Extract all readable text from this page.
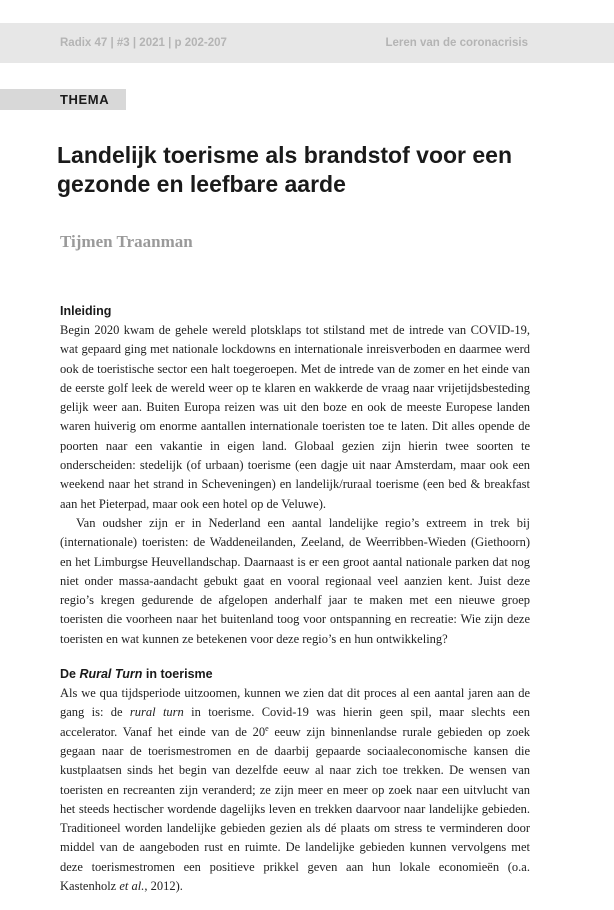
Radix 47 | #3 | 2021 | p 202-207	Leren van de coronacrisis
THEMA
Landelijk toerisme als brandstof voor een gezonde en leefbare aarde
Tijmen Traanman
Inleiding

Begin 2020 kwam de gehele wereld plotsklaps tot stilstand met de intrede van COVID-19, wat gepaard ging met nationale lockdowns en internationale inreisverboden en daarmee werd ook de toeristische sector een halt toegeroepen. Met de intrede van de zomer en het einde van de eerste golf leek de wereld weer op te klaren en wakkerde de vraag naar vrijetijdsbesteding gelijk weer aan. Buiten Europa reizen was uit den boze en ook de meeste Europese landen waren huiverig om enorme aantallen internationale toeristen toe te laten. Dit alles opende de poorten naar een vakantie in eigen land. Globaal gezien zijn hierin twee soorten te onderscheiden: stedelijk (of urbaan) toerisme (een dagje uit naar Amsterdam, maar ook een weekend naar het strand in Scheveningen) en landelijk/ruraal toerisme (een bed & breakfast aan het Pieterpad, maar ook een hotel op de Veluwe).

Van oudsher zijn er in Nederland een aantal landelijke regio’s extreem in trek bij (internationale) toeristen: de Waddeneilanden, Zeeland, de Weerribben-Wieden (Giethoorn) en het Limburgse Heuvellandschap. Daarnaast is er een groot aantal nationale parken dat nog niet onder massa-aandacht gebukt gaat en vooral regionaal veel aanzien kent. Juist deze regio’s kregen gedurende de afgelopen anderhalf jaar te maken met een nieuwe groep toeristen die voorheen naar het buitenland toog voor ontspanning en recreatie: Wie zijn deze toeristen en wat kunnen ze betekenen voor deze regio’s en hun ontwikkeling?

De Rural Turn in toerisme

Als we qua tijdsperiode uitzoomen, kunnen we zien dat dit proces al een aantal jaren aan de gang is: de rural turn in toerisme. Covid-19 was hierin geen spil, maar slechts een accelerator. Vanaf het einde van de 20e eeuw zijn binnenlandse rurale gebieden op zoek gegaan naar de toerismestromen en de daarbij gepaarde sociaaleconomische kansen die kustplaatsen sinds het begin van dezelfde eeuw al naar zich toe trekken. De wensen van toeristen en recreanten zijn veranderd; ze zijn meer en meer op zoek naar een uitvlucht van het steeds hectischer wordende dagelijks leven en trekken daarvoor naar landelijke gebieden. Traditioneel worden landelijke gebieden gezien als dé plaats om stress te verminderen door middel van de aangeboden rust en ruimte. De landelijke gebieden kunnen vervolgens met deze toerismestromen een positieve prikkel geven aan hun lokale economieën (o.a. Kastenholz et al., 2012).
